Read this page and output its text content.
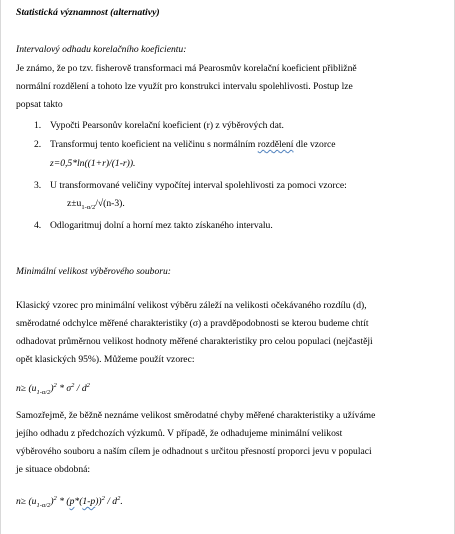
Statistická významnost (alternativy)
Intervalový odhadu korelačního koeficientu:
Je známo, že po tzv. fisherově transformaci má Pearosmův korelační koeficient přibližně
normální rozdělení a tohoto lze využít pro konstrukci intervalu spolehlivosti. Postup lze
popsat takto
1. Vypočti Pearsonův korelační koeficient (r) z výběrových dat.
2. Transformuj tento koeficient na veličinu s normálním rozdělení dle vzorce
z=0,5*ln((1+r)/(1-r)).
3. U transformované veličiny vypočítej interval spolehlivosti za pomoci vzorce:
$z\pm u_{1-\alpha/2}/√(n-3)$.
4. Odlogaritmuj dolní a horní mez takto získaného intervalu.
Minimální velikost výběrového souboru:
Klasický vzorec pro minimální velikost výběru záleží na velikosti očekávaného rozdílu (d),
směrodatné odchylce měřené charakteristiky (σ) a pravděpodobnosti se kterou budeme chtít
odhadovat průměrnou velikost hodnoty měřené charakteristiky pro celou populaci (nejčastěji
opět klasických 95%). Můžeme použít vzorec:
$n\ge (u_{1-\alpha/2})^2 * \sigma^2 / d^2$
Samozřejmě, že běžně neznáme velikost směrodatné chyby měřené charakteristiky a užíváme
jejího odhadu z předchozích výzkumů. V případě, že odhadujeme minimální velikost
výběrového souboru a naším cílem je odhadnout s určitou přesností proporci jevu v populaci
je situace obdobná:
$n\ge (u_{1-\alpha/2})^2 * (p*(1-p))^2 / d^2$.
